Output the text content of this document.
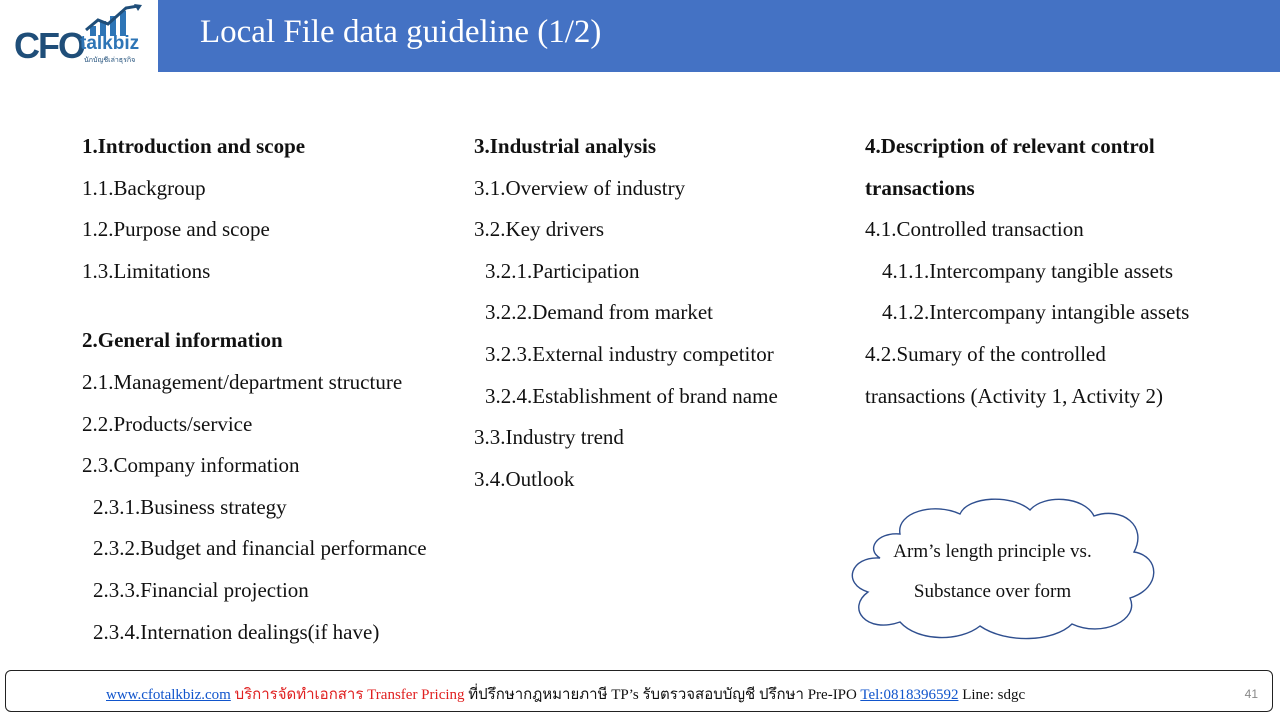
CFO
talkbiz
นักบัญชีเล่าธุรกิจ
Local File data guideline (1/2)
1.Introduction and scope
1.1.Backgroup
1.2.Purpose and scope
1.3.Limitations
2.General information
2.1.Management/department structure
2.2.Products/service
2.3.Company information
2.3.1.Business strategy
2.3.2.Budget and financial performance
2.3.3.Financial projection
2.3.4.Internation dealings(if have)
3.Industrial analysis
3.1.Overview of industry
3.2.Key drivers
3.2.1.Participation
3.2.2.Demand from market
3.2.3.External industry competitor
3.2.4.Establishment of brand name
3.3.Industry trend
3.4.Outlook
4.Description of relevant control
transactions
4.1.Controlled transaction
4.1.1.Intercompany tangible assets
4.1.2.Intercompany intangible assets
4.2.Sumary of the controlled
transactions (Activity 1, Activity 2)
Arm’s length principle vs.
Substance over form
www.cfotalkbiz.com บริการจัดทำเอกสาร Transfer Pricing ที่ปรึกษากฎหมายภาษี TP’s รับตรวจสอบบัญชี ปรึกษา Pre-IPO Tel:0818396592 Line: sdgc	41
